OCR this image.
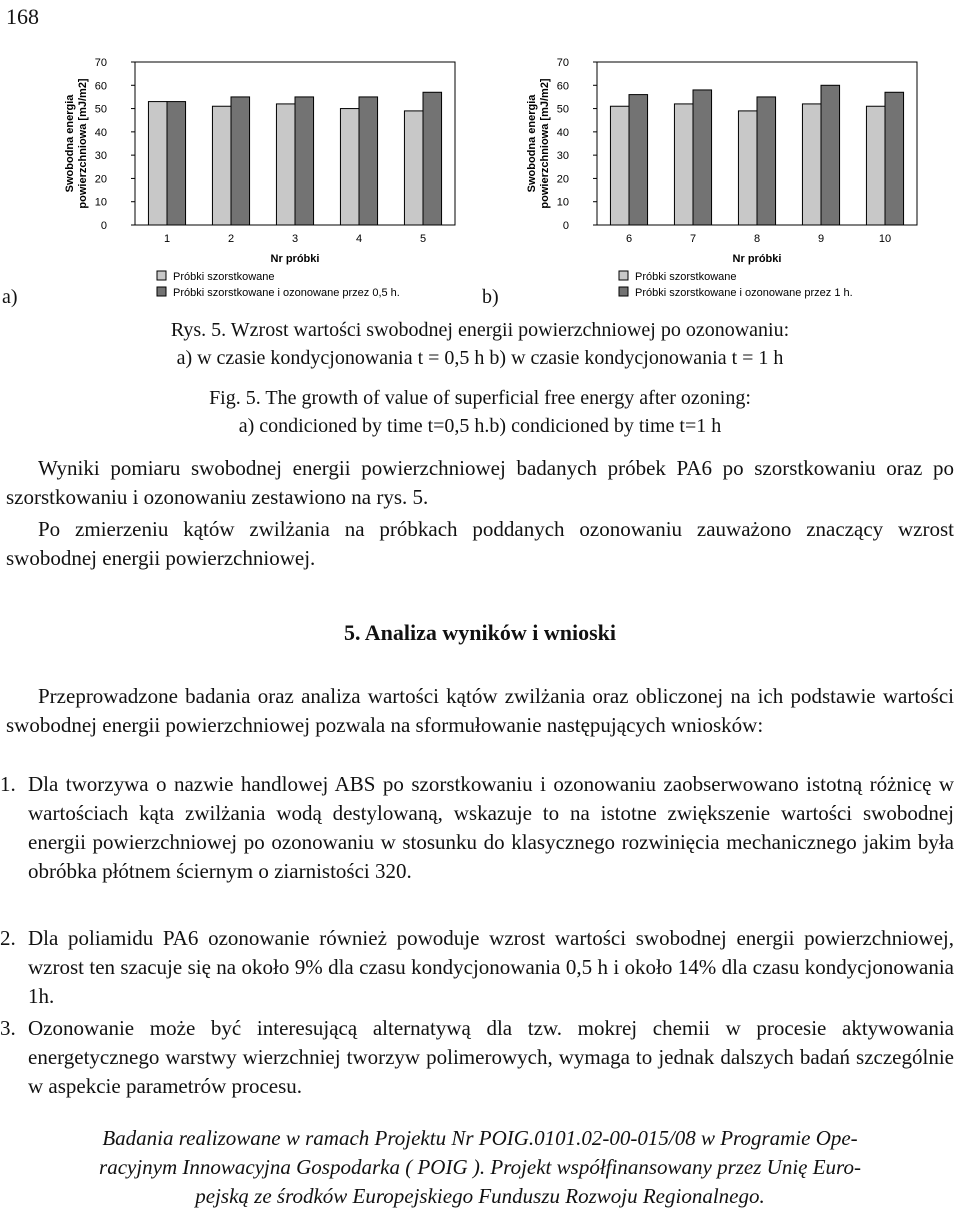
168
0
10
20
30
40
50
60
70
Swobodna energia powierzchniowa [mJ/m2]
1	2	3	4	5
Nr próbki
Próbki szorstkowane
Próbki szorstkowane i ozonowane przez 0,5 h.
a)
0
10
20
30
40
50
60
70
Swobodna energia powierzchniowa [mJ/m2]
6	7	8	9	10
Nr próbki
Próbki szorstkowane
Próbki szorstkowane i ozonowane przez 1 h.
b)

Rys. 5. Wzrost wartości swobodnej energii powierzchniowej po ozonowaniu:

a) w czasie kondycjonowania t = 0,5 h b) w czasie kondycjonowania t = 1 h

Fig. 5. The growth of value of superficial free energy after ozoning:

a) condicioned by time t=0,5 h.b) condicioned by time t=1 h

Wyniki pomiaru swobodnej energii powierzchniowej badanych próbek PA6 po szorstkowaniu oraz po szorstkowaniu i ozonowaniu zestawiono na rys. 5.

Po zmierzeniu kątów zwilżania na próbkach poddanych ozonowaniu zauważono znaczący wzrost swobodnej energii powierzchniowej.

5. Analiza wyników i wnioski

Przeprowadzone badania oraz analiza wartości kątów zwilżania oraz obliczonej na ich podstawie wartości swobodnej energii powierzchniowej pozwala na sformułowanie następujących wniosków:

1. Dla tworzywa o nazwie handlowej ABS po szorstkowaniu i ozonowaniu zaobserwowano istotną różnicę w wartościach kąta zwilżania wodą destylowaną, wskazuje to na istotne zwiększenie wartości swobodnej energii powierzchniowej po ozonowaniu w stosunku do klasycznego rozwinięcia mechanicznego jakim była obróbka płótnem ściernym o ziarnistości 320.
2. Dla poliamidu PA6 ozonowanie również powoduje wzrost wartości swobodnej energii powierzchniowej, wzrost ten szacuje się na około 9% dla czasu kondycjonowania 0,5 h i około 14% dla czasu kondycjonowania 1h.
3. Ozonowanie może być interesującą alternatywą dla tzw. mokrej chemii w procesie aktywowania energetycznego warstwy wierzchniej tworzyw polimerowych, wymaga to jednak dalszych badań szczególnie w aspekcie parametrów procesu.

Badania realizowane w ramach Projektu Nr POIG.0101.02-00-015/08 w Programie Ope-

racyjnym Innowacyjna Gospodarka ( POIG ). Projekt współfinansowany przez Unię Euro-

pejską ze środków Europejskiego Funduszu Rozwoju Regionalnego.
